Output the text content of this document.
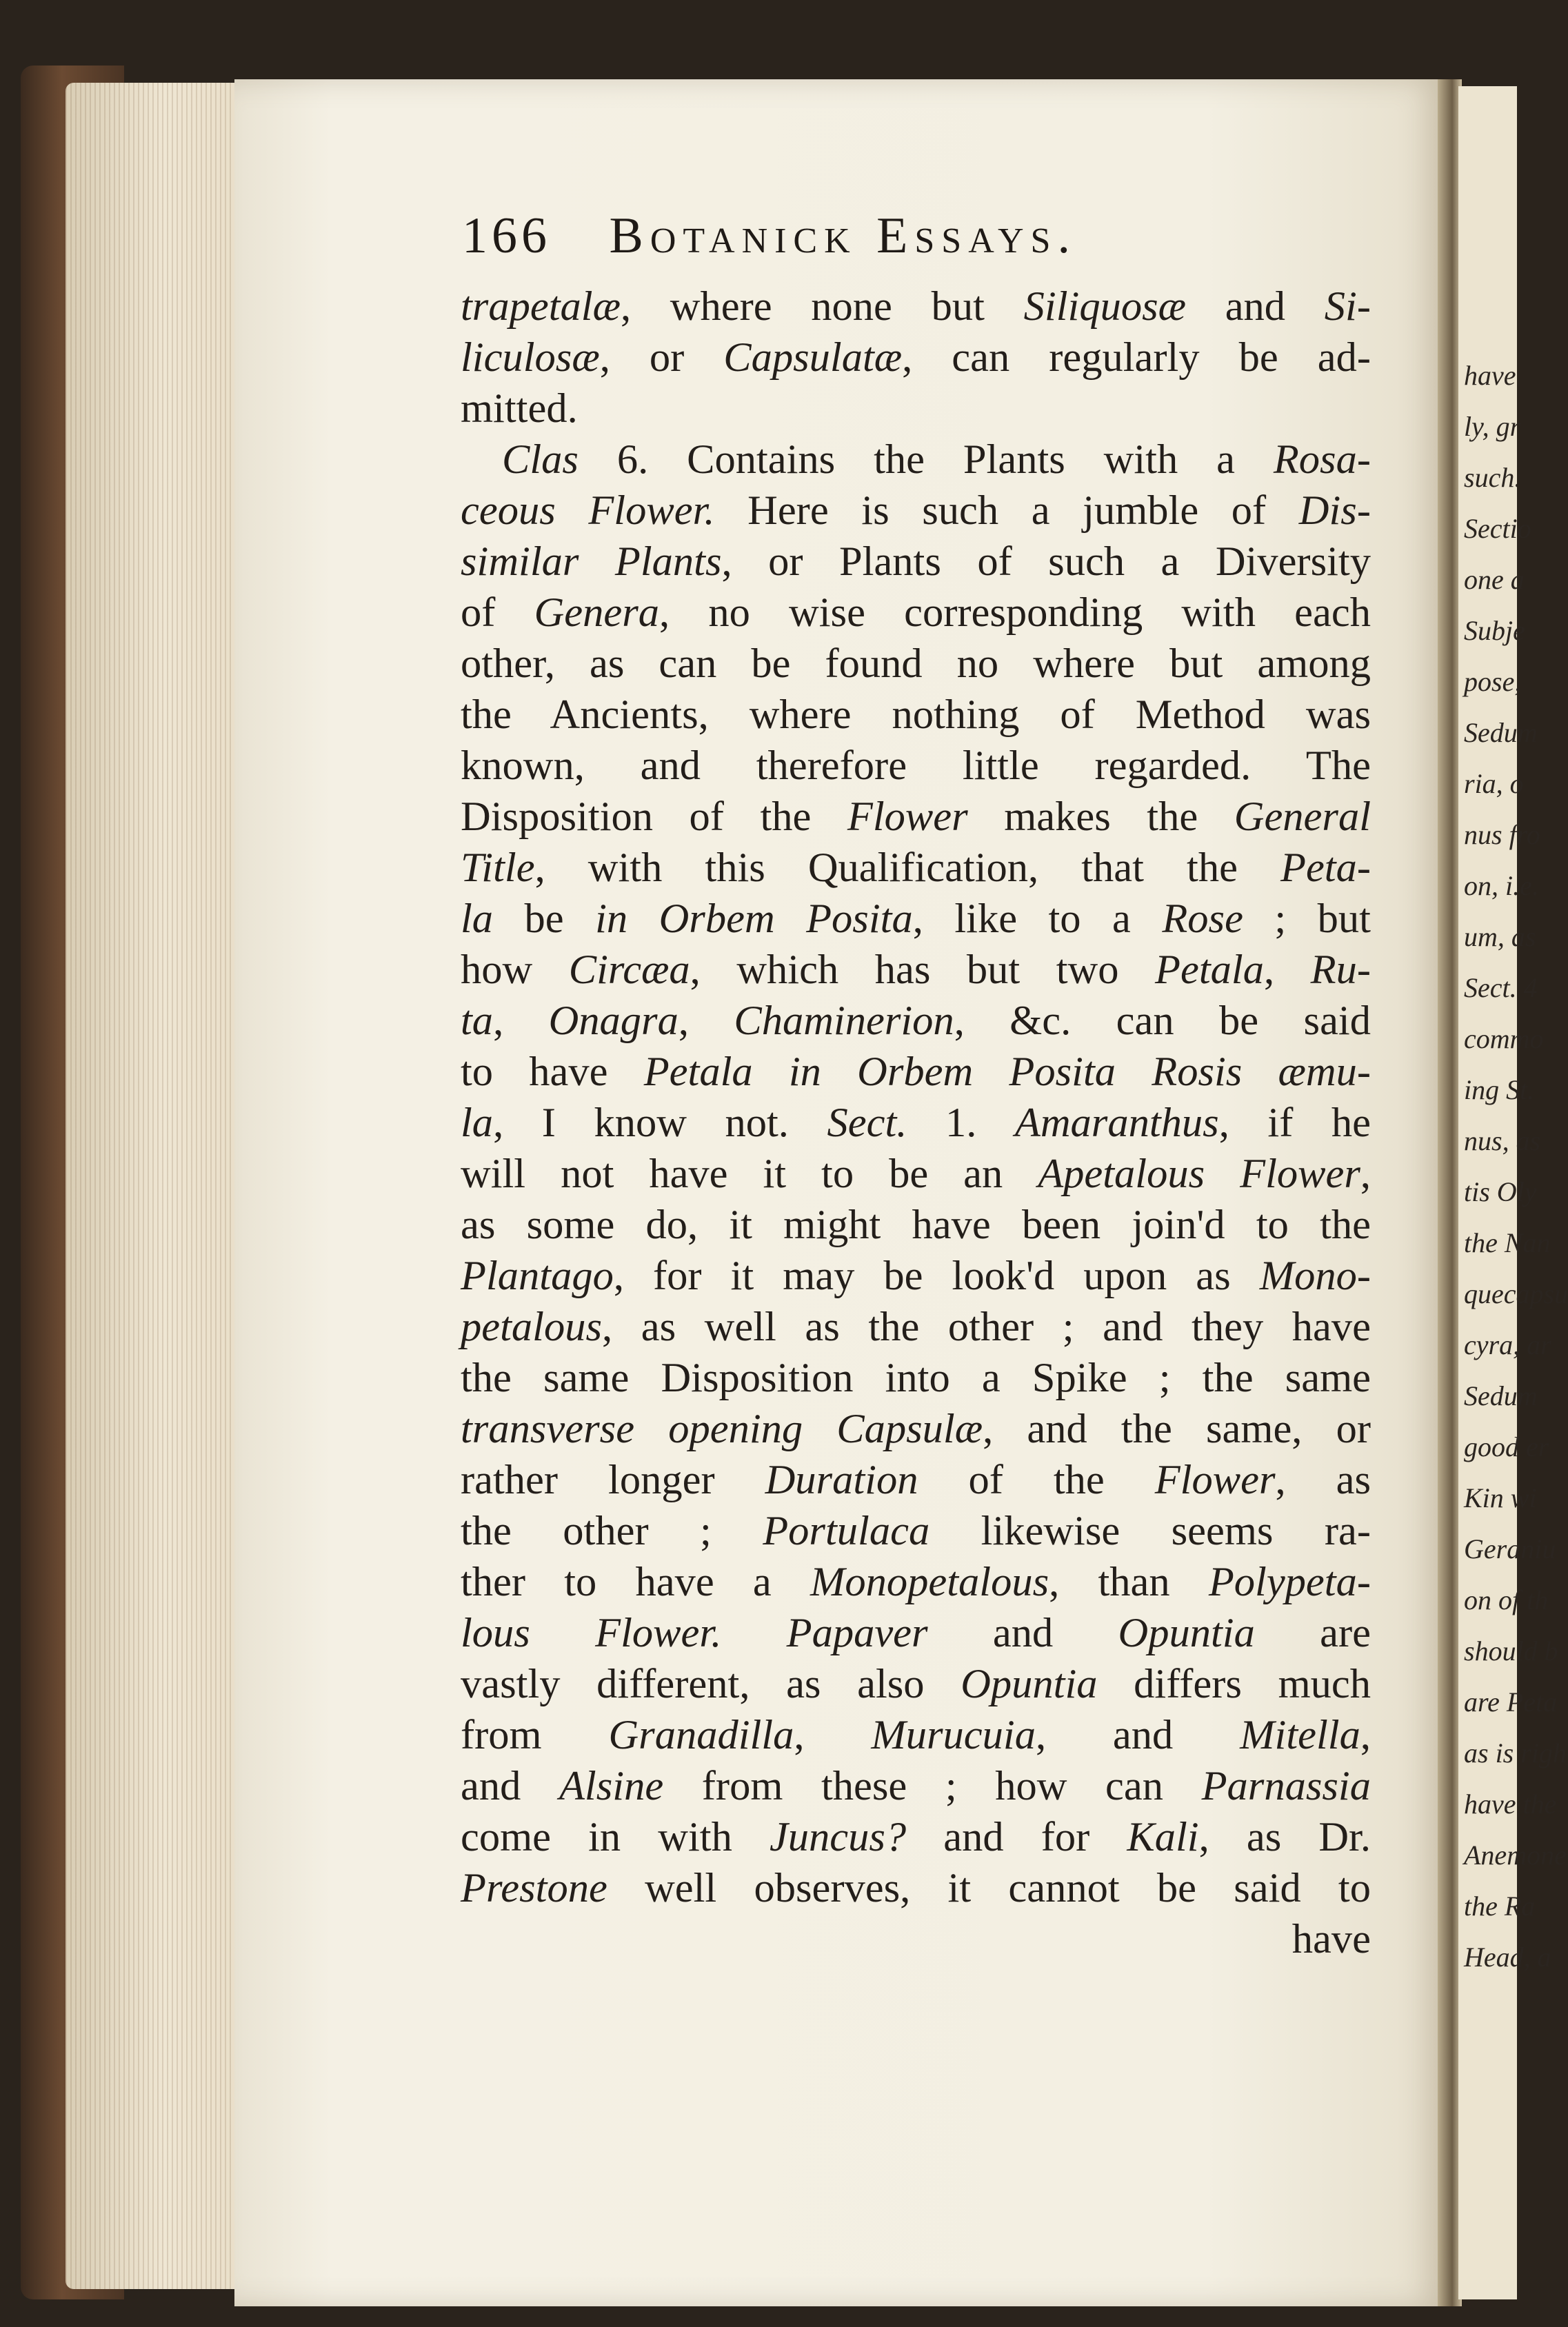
have
ly, gr
such.
Sectio
one a
Subje
pose,
Sedum
ria, o
nus fro
on, i.e.
um, as
Sect. 4
commo
ing St.
nus, as
tis Oly
the Nan
quecapsu
cyra, ar
Sedum
good er
Kin wi
Geraniu
on of th
should b
are Peta
as is righ
have the
Anemone
the Ra
Head, a
166 Botanick Essays.
trapetalæ, where none but Siliquosæ and Si-
liculosæ, or Capsulatæ, can regularly be ad-
mitted.
Clas 6. Contains the Plants with a Rosa-
ceous Flower. Here is such a jumble of Dis-
similar Plants, or Plants of such a Diversity
of Genera, no wise corresponding with each
other, as can be found no where but among
the Ancients, where nothing of Method was
known, and therefore little regarded. The
Disposition of the Flower makes the General
Title, with this Qualification, that the Peta-
la be in Orbem Posita, like to a Rose ; but
how Circæa, which has but two Petala, Ru-
ta, Onagra, Chaminerion, &c. can be said
to have Petala in Orbem Posita Rosis æmu-
la, I know not. Sect. 1. Amaranthus, if he
will not have it to be an Apetalous Flower,
as some do, it might have been join'd to the
Plantago, for it may be look'd upon as Mono-
petalous, as well as the other ; and they have
the same Disposition into a Spike ; the same
transverse opening Capsulæ, and the same, or
rather longer Duration of the Flower, as
the other ; Portulaca likewise seems ra-
ther to have a Monopetalous, than Polypeta-
lous Flower. Papaver and Opuntia are
vastly different, as also Opuntia differs much
from Granadilla, Murucuia, and Mitella,
and Alsine from these ; how can Parnassia
come in with Juncus? and for Kali, as Dr.
Prestone well observes, it cannot be said to
have
